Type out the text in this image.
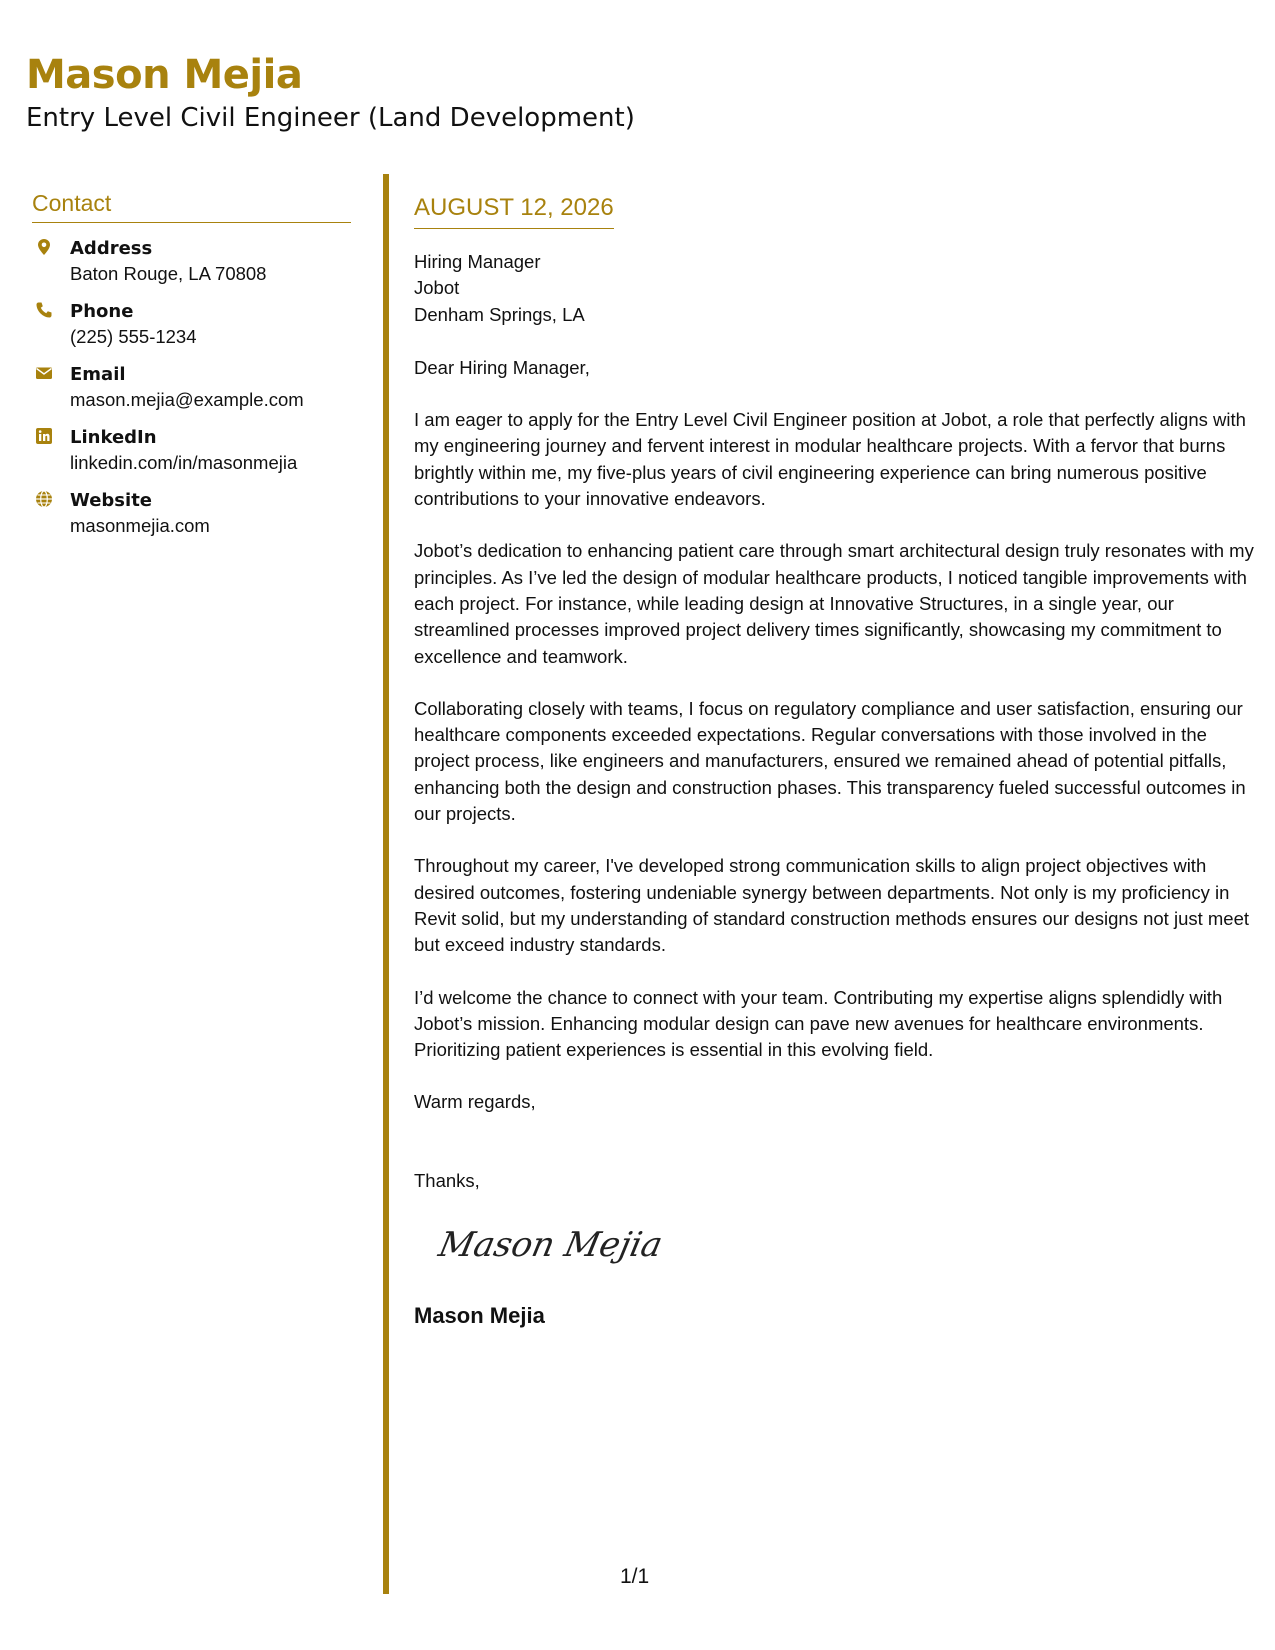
Mason Mejia
Entry Level Civil Engineer (Land Development)
Contact
Address
Baton Rouge, LA 70808
Phone
(225) 555-1234
Email
mason.mejia@example.com
LinkedIn
linkedin.com/in/masonmejia
Website
masonmejia.com
AUGUST 12, 2026
Hiring Manager
Jobot
Denham Springs, LA
Dear Hiring Manager,
I am eager to apply for the Entry Level Civil Engineer position at Jobot, a role that perfectly aligns with my engineering journey and fervent interest in modular healthcare projects. With a fervor that burns brightly within me, my five-plus years of civil engineering experience can bring numerous positive contributions to your innovative endeavors.
Jobot’s dedication to enhancing patient care through smart architectural design truly resonates with my principles. As I’ve led the design of modular healthcare products, I noticed tangible improvements with each project. For instance, while leading design at Innovative Structures, in a single year, our streamlined processes improved project delivery times significantly, showcasing my commitment to excellence and teamwork.
Collaborating closely with teams, I focus on regulatory compliance and user satisfaction, ensuring our healthcare components exceeded expectations. Regular conversations with those involved in the project process, like engineers and manufacturers, ensured we remained ahead of potential pitfalls, enhancing both the design and construction phases. This transparency fueled successful outcomes in our projects.
Throughout my career, I've developed strong communication skills to align project objectives with desired outcomes, fostering undeniable synergy between departments. Not only is my proficiency in Revit solid, but my understanding of standard construction methods ensures our designs not just meet but exceed industry standards.
I’d welcome the chance to connect with your team. Contributing my expertise aligns splendidly with Jobot’s mission. Enhancing modular design can pave new avenues for healthcare environments. Prioritizing patient experiences is essential in this evolving field.
Warm regards,
Thanks,
Mason Mejia
Mason Mejia
1/1
